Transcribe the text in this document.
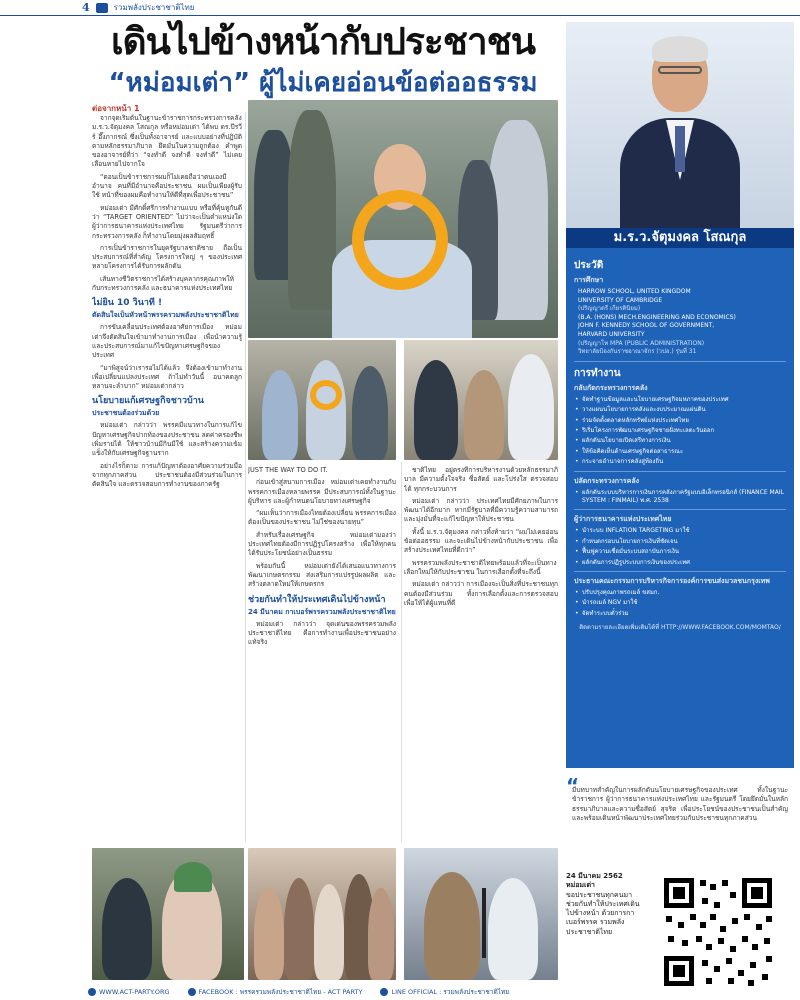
4	รวมพลังประชาชาติไทย
เดินไปข้างหน้ากับประชาชน
“หม่อมเต่า” ผู้ไม่เคยอ่อนข้อต่ออธรรม
ต่อจากหน้า 1

จากจุดเริ่มต้นในฐานะข้าราชการกระทรวงการคลัง ม.ร.ว.จัตุมงคล โสณกุล หรือหม่อมเต่า ได้พบ ดร.ปีรวีร์ อึ๊งภากรณ์ ซึ่งเป็นทั้งอาจารย์ และแบบอย่างที่ปฏิบัติตามหลักธรรมาภิบาล ยึดมั่นในความถูกต้อง คำพูดของอาจารย์ที่ว่า “จงทำดี จงทำดี จงทำดี” ไม่เคยเลือนหายไปจากใจ

“ตอนเป็นข้าราชการผมก็ไม่เคยถือว่าตนเองมีอำนาจ คนที่มีอำนาจคือประชาชน ผมเป็นเพียงผู้รับใช้ หน้าที่ของผมคือทำงานให้ดีที่สุดเพื่อประชาชน”

หม่อมเต่า มีศักดิ์ศรีการทำงานแบบ หรือที่คุ้นหูกันดีว่า “TARGET ORIENTED” ไม่ว่าจะเป็นตำแหน่งใด ผู้ว่าการธนาคารแห่งประเทศไทย รัฐมนตรีว่าการกระทรวงการคลัง ก็ทำงานโดยมุ่งผลสัมฤทธิ์

การเป็นข้าราชการในยุครัฐบาลชาติชาย ถือเป็นประสบการณ์ที่สำคัญ โครงการใหญ่ ๆ ของประเทศหลายโครงการได้รับการผลักดัน

เส้นทางชีวิตราชการได้สร้างบุคลากรคุณภาพให้กับกระทรวงการคลัง และธนาคารแห่งประเทศไทย

ไม่ยิน 10 วินาที !
ตัดสินใจเป็นหัวหน้าพรรครวมพลังประชาชาติไทย

การขับเคลื่อนประเทศต้องอาศัยการเมือง หม่อมเต่าจึงตัดสินใจเข้ามาทำงานการเมือง เพื่อนำความรู้และประสบการณ์มาแก้ไขปัญหาเศรษฐกิจของประเทศ

“มาพิสูจน์ว่าเรารอไม่ได้แล้ว จึงต้องเข้ามาทำงานเพื่อเปลี่ยนแปลงประเทศ ถ้าไม่ทำวันนี้ อนาคตลูกหลานจะลำบาก” หม่อมเต่ากล่าว

นโยบายแก้เศรษฐกิจชาวบ้าน
ประชาชนต้องร่วมด้วย

หม่อมเต่า กล่าวว่า พรรคมีแนวทางในการแก้ไขปัญหาเศรษฐกิจปากท้องของประชาชน ลดค่าครองชีพ เพิ่มรายได้ ให้ชาวบ้านมีกินมีใช้ และสร้างความเข้มแข็งให้กับเศรษฐกิจฐานราก

อย่างไรก็ตาม การแก้ปัญหาต้องอาศัยความร่วมมือจากทุกภาคส่วน ประชาชนต้องมีส่วนร่วมในการตัดสินใจ และตรวจสอบการทำงานของภาครัฐ

JUST THE WAY TO DO IT.

ก่อนเข้าสู่สนามการเมือง หม่อมเต่าเคยทำงานกับพรรคการเมืองหลายพรรค มีประสบการณ์ทั้งในฐานะผู้บริหาร และผู้กำหนดนโยบายทางเศรษฐกิจ

“ผมเห็นว่าการเมืองไทยต้องเปลี่ยน พรรคการเมืองต้องเป็นของประชาชน ไม่ใช่ของนายทุน”

สำหรับเรื่องเศรษฐกิจ หม่อมเต่ามองว่าประเทศไทยต้องมีการปฏิรูปโครงสร้าง เพื่อให้ทุกคนได้รับประโยชน์อย่างเป็นธรรม

พร้อมกันนี้ หม่อมเต่ายังได้เสนอแนวทางการพัฒนาเกษตรกรรม ส่งเสริมการแปรรูปผลผลิต และสร้างตลาดใหม่ให้เกษตรกร

ช่วยกันทำให้ประเทศเดินไปข้างหน้า
24 มีนาคม กาเบอร์พรรครวมพลังประชาชาติไทย

หม่อมเต่า กล่าวว่า จุดเด่นของพรรครวมพลังประชาชาติไทย คือการทำงานเพื่อประชาชนอย่างแท้จริง

ชาติไทย อยู่ตรงที่การบริหารงานด้วยหลักธรรมาภิบาล มีความตั้งใจจริง ซื่อสัตย์ และโปร่งใส ตรวจสอบได้ ทุกกระบวนการ

หม่อมเต่า กล่าวว่า ประเทศไทยมีศักยภาพในการพัฒนาได้อีกมาก หากมีรัฐบาลที่มีความรู้ความสามารถ และมุ่งมั่นที่จะแก้ไขปัญหาให้ประชาชน

ทั้งนี้ ม.ร.ว.จัตุมงคล กล่าวทิ้งท้ายว่า “ผมไม่เคยอ่อนข้อต่ออธรรม และจะเดินไปข้างหน้ากับประชาชน เพื่อสร้างประเทศไทยที่ดีกว่า”

พรรครวมพลังประชาชาติไทยพร้อมแล้วที่จะเป็นทางเลือกใหม่ให้กับประชาชน ในการเลือกตั้งที่จะถึงนี้

หม่อมเต่า กล่าวว่า การเมืองจะเป็นสิ่งที่ประชาชนทุกคนต้องมีส่วนร่วม ทั้งการเลือกตั้งและการตรวจสอบ เพื่อให้ได้ผู้แทนที่ดี

ม.ร.ว.จัตุมงคล โสณกุล
ประวัติ
การศึกษา
HARROW SCHOOL, UNITED KINGDOM
UNIVERSITY OF CAMBRIDGE
(ปริญญาตรี เกียรตินิยม)
(B.A. (HONS) MECH.ENGINEERING AND ECONOMICS)
JOHN F. KENNEDY SCHOOL OF GOVERNMENT,
HARVARD UNIVERSITY
(ปริญญาโท MPA (PUBLIC ADMINISTRATION)
วิทยาลัยป้องกันราชอาณาจักร (วปอ.) รุ่นที่ 31
การทำงาน
กลับกัดกระทรวงการคลัง
• จัดทำฐานข้อมูลและนโยบายเศรษฐกิจมหภาคของประเทศ
• วางแผนนโยบายการคลังและงบประมาณแผ่นดิน
• ร่วมจัดตั้งตลาดหลักทรัพย์แห่งประเทศไทย
• ริเริ่มโครงการพัฒนาเศรษฐกิจชายฝั่งทะเลตะวันออก
• ผลักดันนโยบายเปิดเสรีทางการเงิน
• ให้ข้อคิดเห็นด้านเศรษฐกิจต่อสาธารณะ
• กระจายอำนาจการคลังสู่ท้องถิ่น
ปลัดกระทรวงการคลัง
• ผลักดันระบบบริหารการเงินการคลังภาครัฐแบบอิเล็กทรอนิกส์ (FINANCE MAIL SYSTEM : FINMAIL) พ.ศ. 2538
ผู้ว่าการธนาคารแห่งประเทศไทย
• นำระบบ INFLATION TARGETING มาใช้
• กำหนดกรอบนโยบายการเงินที่ชัดเจน
• ฟื้นฟูความเชื่อมั่นระบบสถาบันการเงิน
• ผลักดันการปฏิรูประบบการเงินของประเทศ
ประธานคณะกรรมการบริหารกิจการองค์การขนส่งมวลชนกรุงเทพ
• ปรับปรุงคุณภาพรถเมล์ ขสมก.
• นำรถเมล์ NGV มาใช้
• จัดทำระบบตั๋วร่วม
ติดตามรายละเอียดเพิ่มเติมได้ที่ HTTP://WWW.FACEBOOK.COM/MOMTAO/
“
มีบทบาทสำคัญในการผลักดันนโยบายเศรษฐกิจของประเทศ ทั้งในฐานะข้าราชการ ผู้ว่าการธนาคารแห่งประเทศไทย และรัฐมนตรี โดยยึดมั่นในหลักธรรมาภิบาลและความซื่อสัตย์ สุจริต เพื่อประโยชน์ของประชาชนเป็นสำคัญ และพร้อมเดินหน้าพัฒนาประเทศไทยร่วมกับประชาชนทุกภาคส่วน
24 มีนาคม 2562 หม่อมเต่า
ขอประชาชนทุกคนมาช่วยกันทำให้ประเทศเดินไปข้างหน้า ด้วยการกาเบอร์พรรค รวมพลังประชาชาติไทย
WWW.ACT-PARTY.ORG	FACEBOOK : พรรครวมพลังประชาชาติไทย - ACT PARTY	LINE OFFICIAL : รวมพลังประชาชาติไทย
